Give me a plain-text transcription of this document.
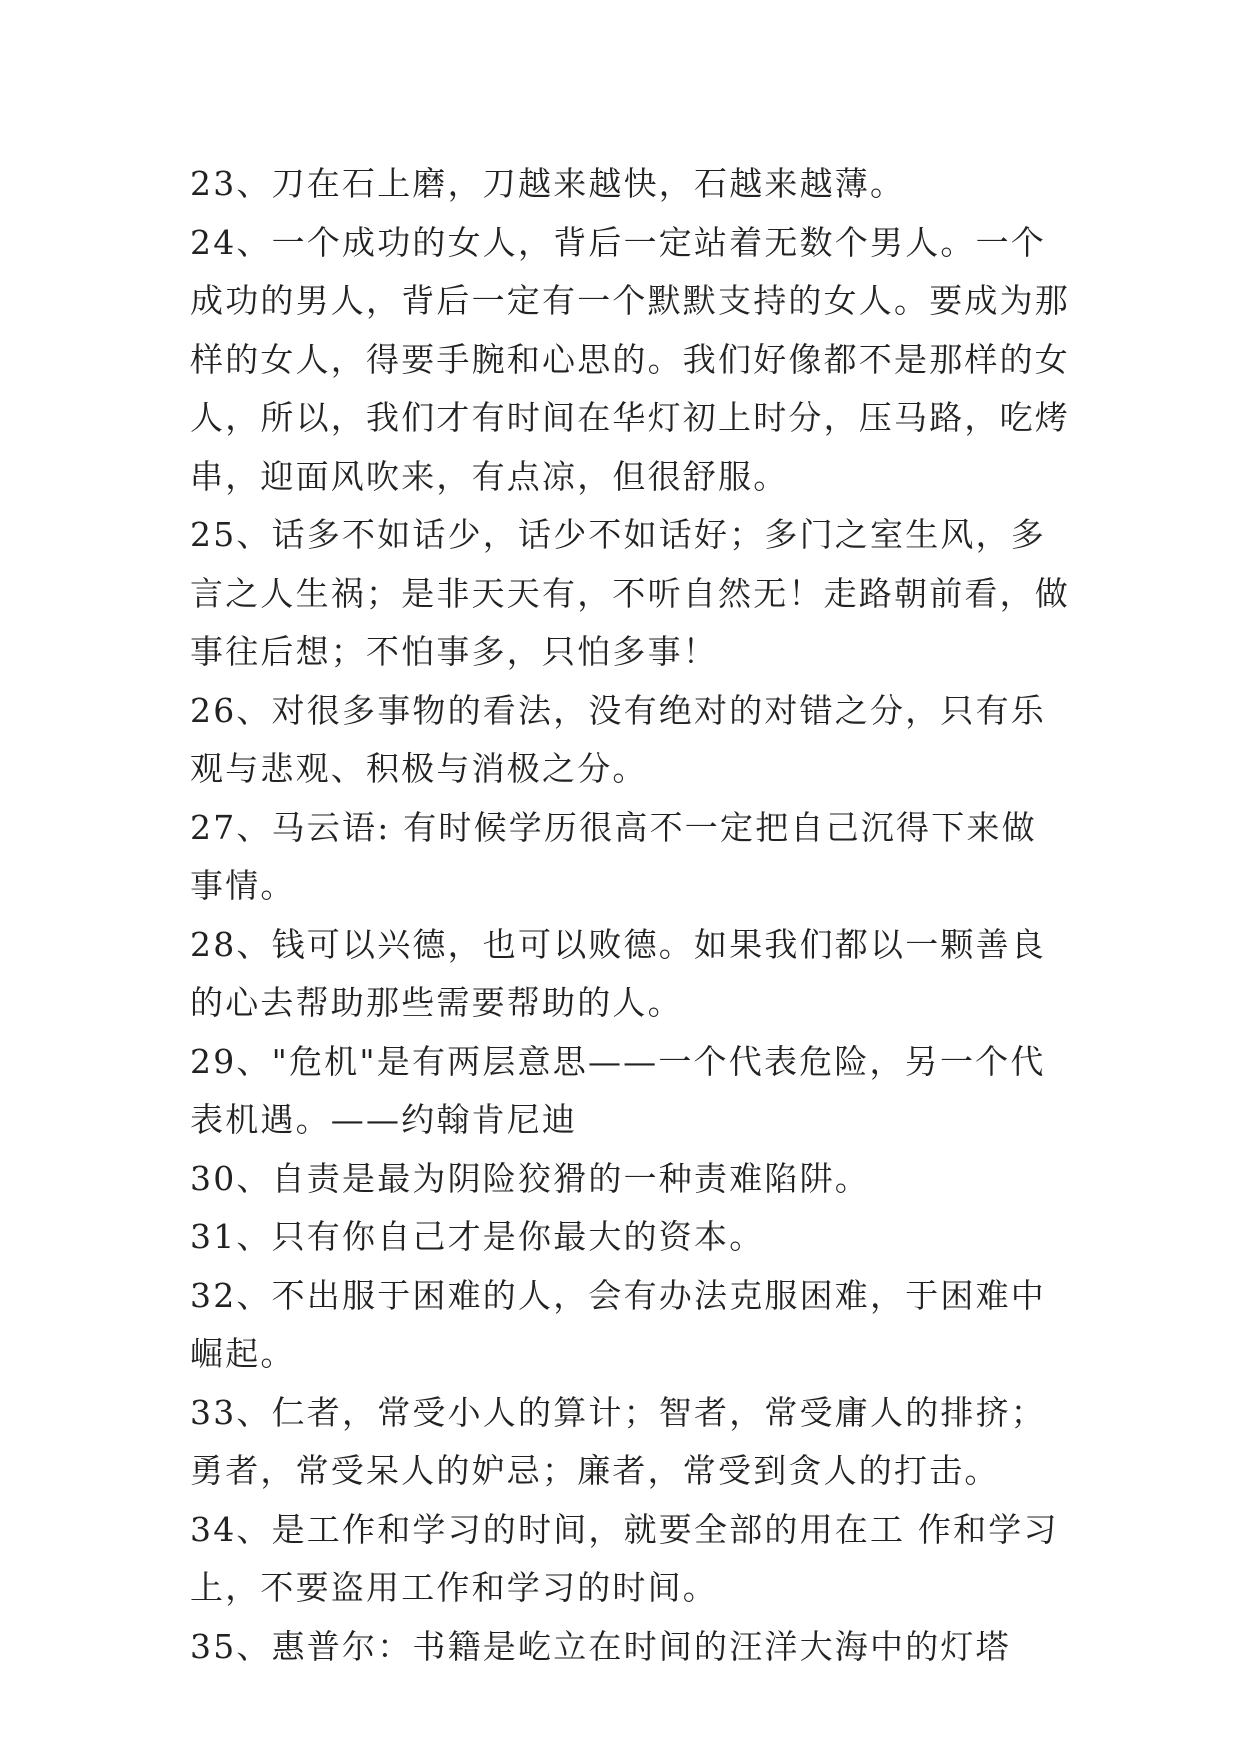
23、刀在石上磨，刀越来越快，石越来越薄。

24、一个成功的女人，背后一定站着无数个男人。一个成功的男人，背后一定有一个默默支持的女人。要成为那样的女人，得要手腕和心思的。我们好像都不是那样的女人，所以，我们才有时间在华灯初上时分，压马路，吃烤串，迎面风吹来，有点凉，但很舒服。

25、话多不如话少，话少不如话好；多门之室生风，多言之人生祸；是非天天有，不听自然无！走路朝前看，做事往后想；不怕事多，只怕多事！

26、对很多事物的看法，没有绝对的对错之分，只有乐观与悲观、积极与消极之分。

27、马云语: 有时候学历很高不一定把自己沉得下来做事情。

28、钱可以兴德，也可以败德。如果我们都以一颗善良的心去帮助那些需要帮助的人。

29、"危机"是有两层意思——一个代表危险，另一个代表机遇。——约翰肯尼迪

30、自责是最为阴险狡猾的一种责难陷阱。

31、只有你自己才是你最大的资本。

32、不出服于困难的人，会有办法克服困难，于困难中崛起。

33、仁者，常受小人的算计；智者，常受庸人的排挤；勇者，常受呆人的妒忌；廉者，常受到贪人的打击。

34、是工作和学习的时间，就要全部的用在工 作和学习上，不要盗用工作和学习的时间。

35、惠普尔：书籍是屹立在时间的汪洋大海中的灯塔
